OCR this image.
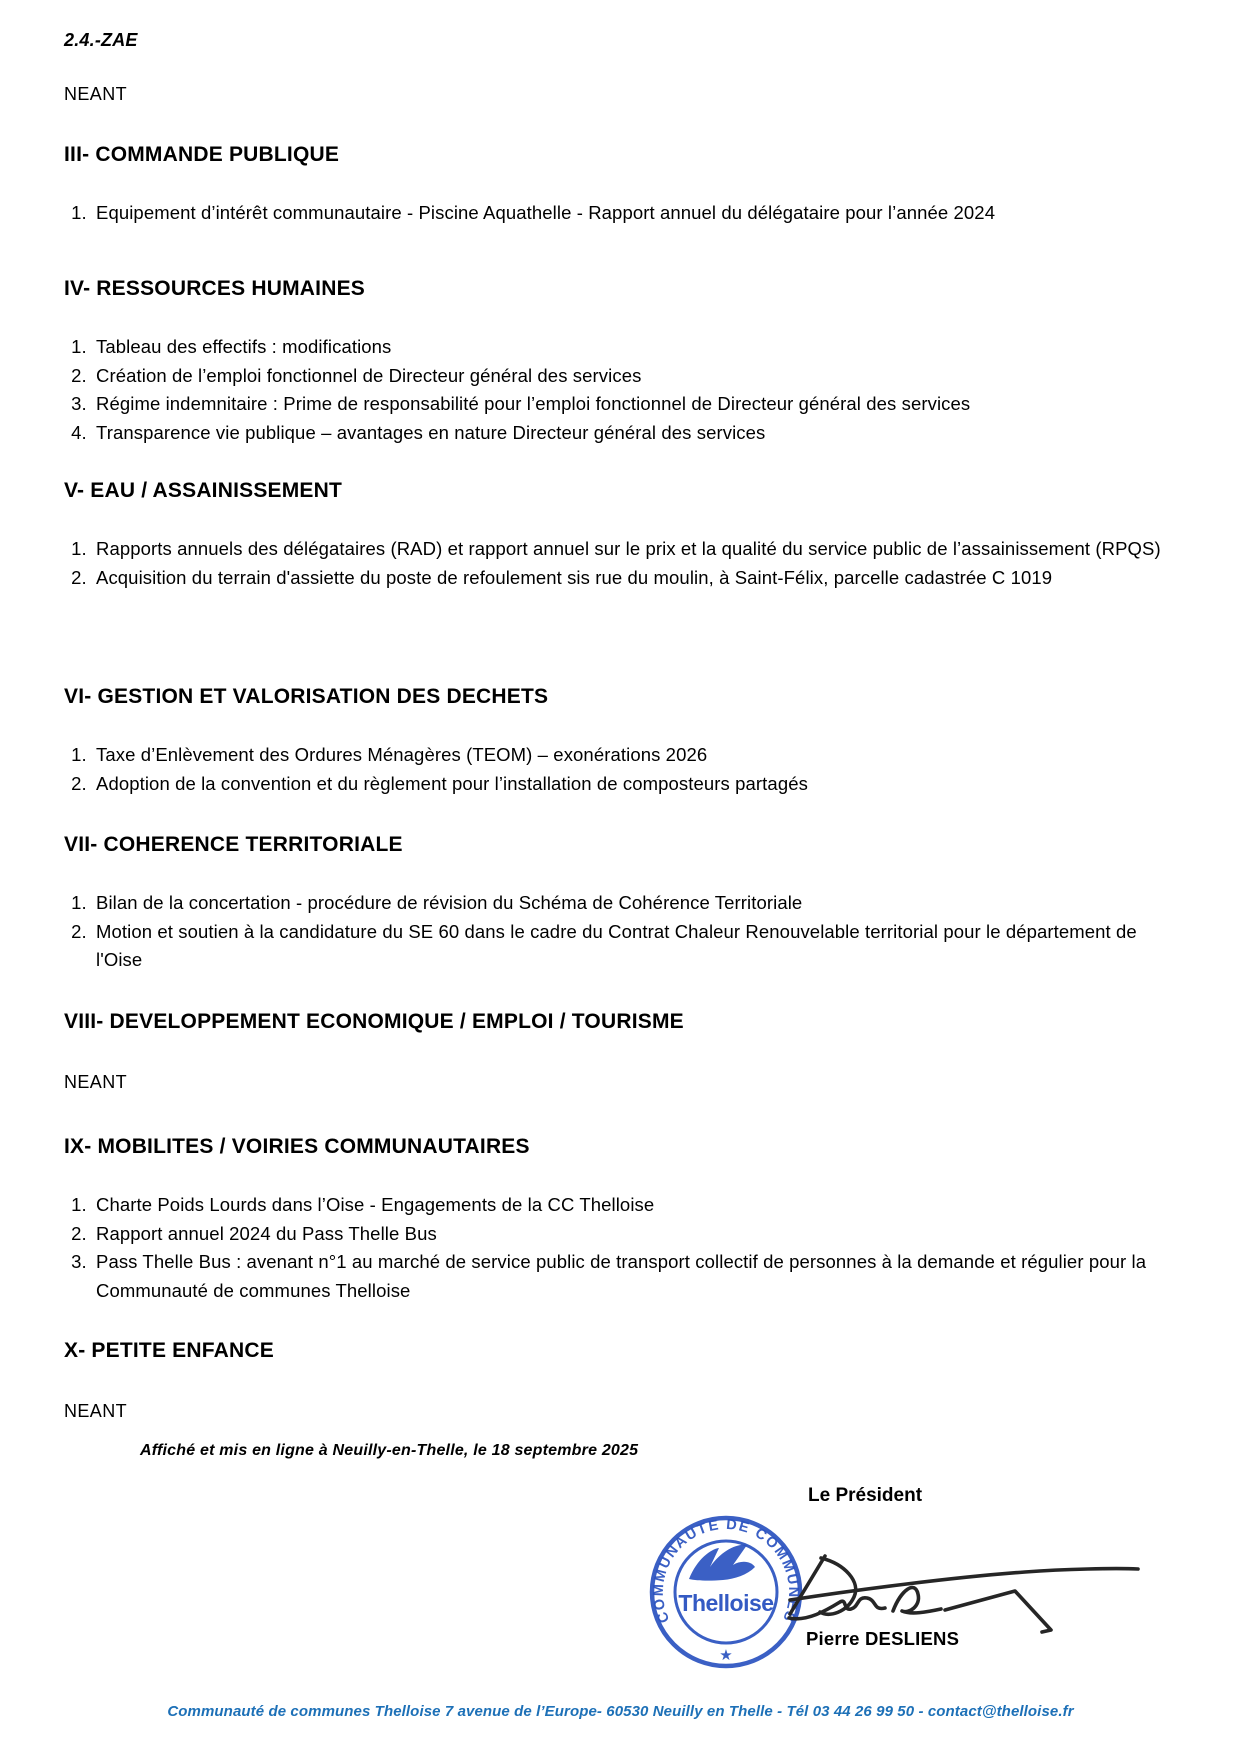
2.4.-ZAE
NEANT
III- COMMANDE PUBLIQUE
1. Equipement d’intérêt communautaire - Piscine Aquathelle - Rapport annuel du délégataire pour l’année 2024
IV- RESSOURCES HUMAINES
1. Tableau des effectifs : modifications
2. Création de l’emploi fonctionnel de Directeur général des services
3. Régime indemnitaire : Prime de responsabilité pour l’emploi fonctionnel de Directeur général des services
4. Transparence vie publique – avantages en nature Directeur général des services
V- EAU / ASSAINISSEMENT
1. Rapports annuels des délégataires (RAD) et rapport annuel sur le prix et la qualité du service public de l’assainissement (RPQS)
2. Acquisition du terrain d'assiette du poste de refoulement sis rue du moulin, à Saint-Félix, parcelle cadastrée C 1019
VI- GESTION ET VALORISATION DES DECHETS
1. Taxe d’Enlèvement des Ordures Ménagères (TEOM) – exonérations 2026
2. Adoption de la convention et du règlement pour l’installation de composteurs partagés
VII- COHERENCE TERRITORIALE
1. Bilan de la concertation - procédure de révision du Schéma de Cohérence Territoriale
2. Motion et soutien à la candidature du SE 60 dans le cadre du Contrat Chaleur Renouvelable territorial pour le département de l'Oise
VIII- DEVELOPPEMENT ECONOMIQUE / EMPLOI / TOURISME

NEANT

IX- MOBILITES / VOIRIES COMMUNAUTAIRES
1. Charte Poids Lourds dans l’Oise - Engagements de la CC Thelloise
2. Rapport annuel 2024 du Pass Thelle Bus
3. Pass Thelle Bus : avenant n°1 au marché de service public de transport collectif de personnes à la demande et régulier pour la Communauté de communes Thelloise
X- PETITE ENFANCE

NEANT

Affiché et mis en ligne à Neuilly-en-Thelle, le 18 septembre 2025
Le Président
COMMUNAUTE DE COMMUNES
Thelloise
★
Pierre DESLIENS
Communauté de communes Thelloise 7 avenue de l’Europe- 60530 Neuilly en Thelle - Tél 03 44 26 99 50 - contact@thelloise.fr
